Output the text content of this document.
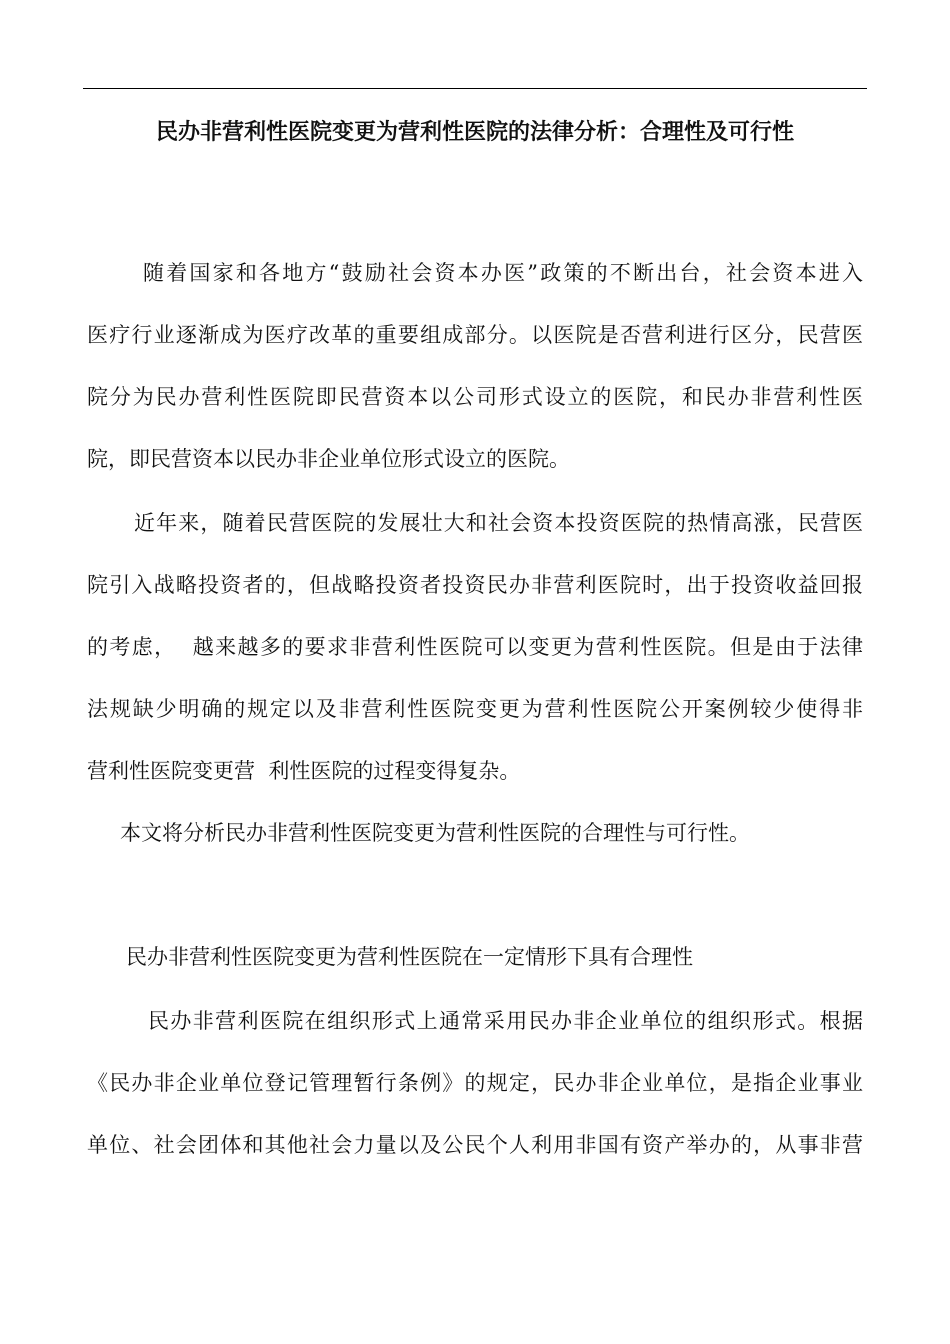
民办非营利性医院变更为营利性医院的法律分析：合理性及可行性
随着国家和各地方“鼓励社会资本办医”政策的不断出台，社会资本进入
医疗行业逐渐成为医疗改革的重要组成部分。以医院是否营利进行区分，民营医
院分为民办营利性医院即民营资本以公司形式设立的医院，和民办非营利性医
院，即民营资本以民办非企业单位形式设立的医院。
近年来，随着民营医院的发展壮大和社会资本投资医院的热情高涨，民营医
院引入战略投资者的，但战略投资者投资民办非营利医院时，出于投资收益回报
的考虑，  越来越多的要求非营利性医院可以变更为营利性医院。但是由于法律
法规缺少明确的规定以及非营利性医院变更为营利性医院公开案例较少使得非
营利性医院变更营  利性医院的过程变得复杂。
本文将分析民办非营利性医院变更为营利性医院的合理性与可行性。
民办非营利性医院变更为营利性医院在一定情形下具有合理性
民办非营利医院在组织形式上通常采用民办非企业单位的组织形式。根据
《民办非企业单位登记管理暂行条例》的规定，民办非企业单位，是指企业事业
单位、社会团体和其他社会力量以及公民个人利用非国有资产举办的，从事非营
